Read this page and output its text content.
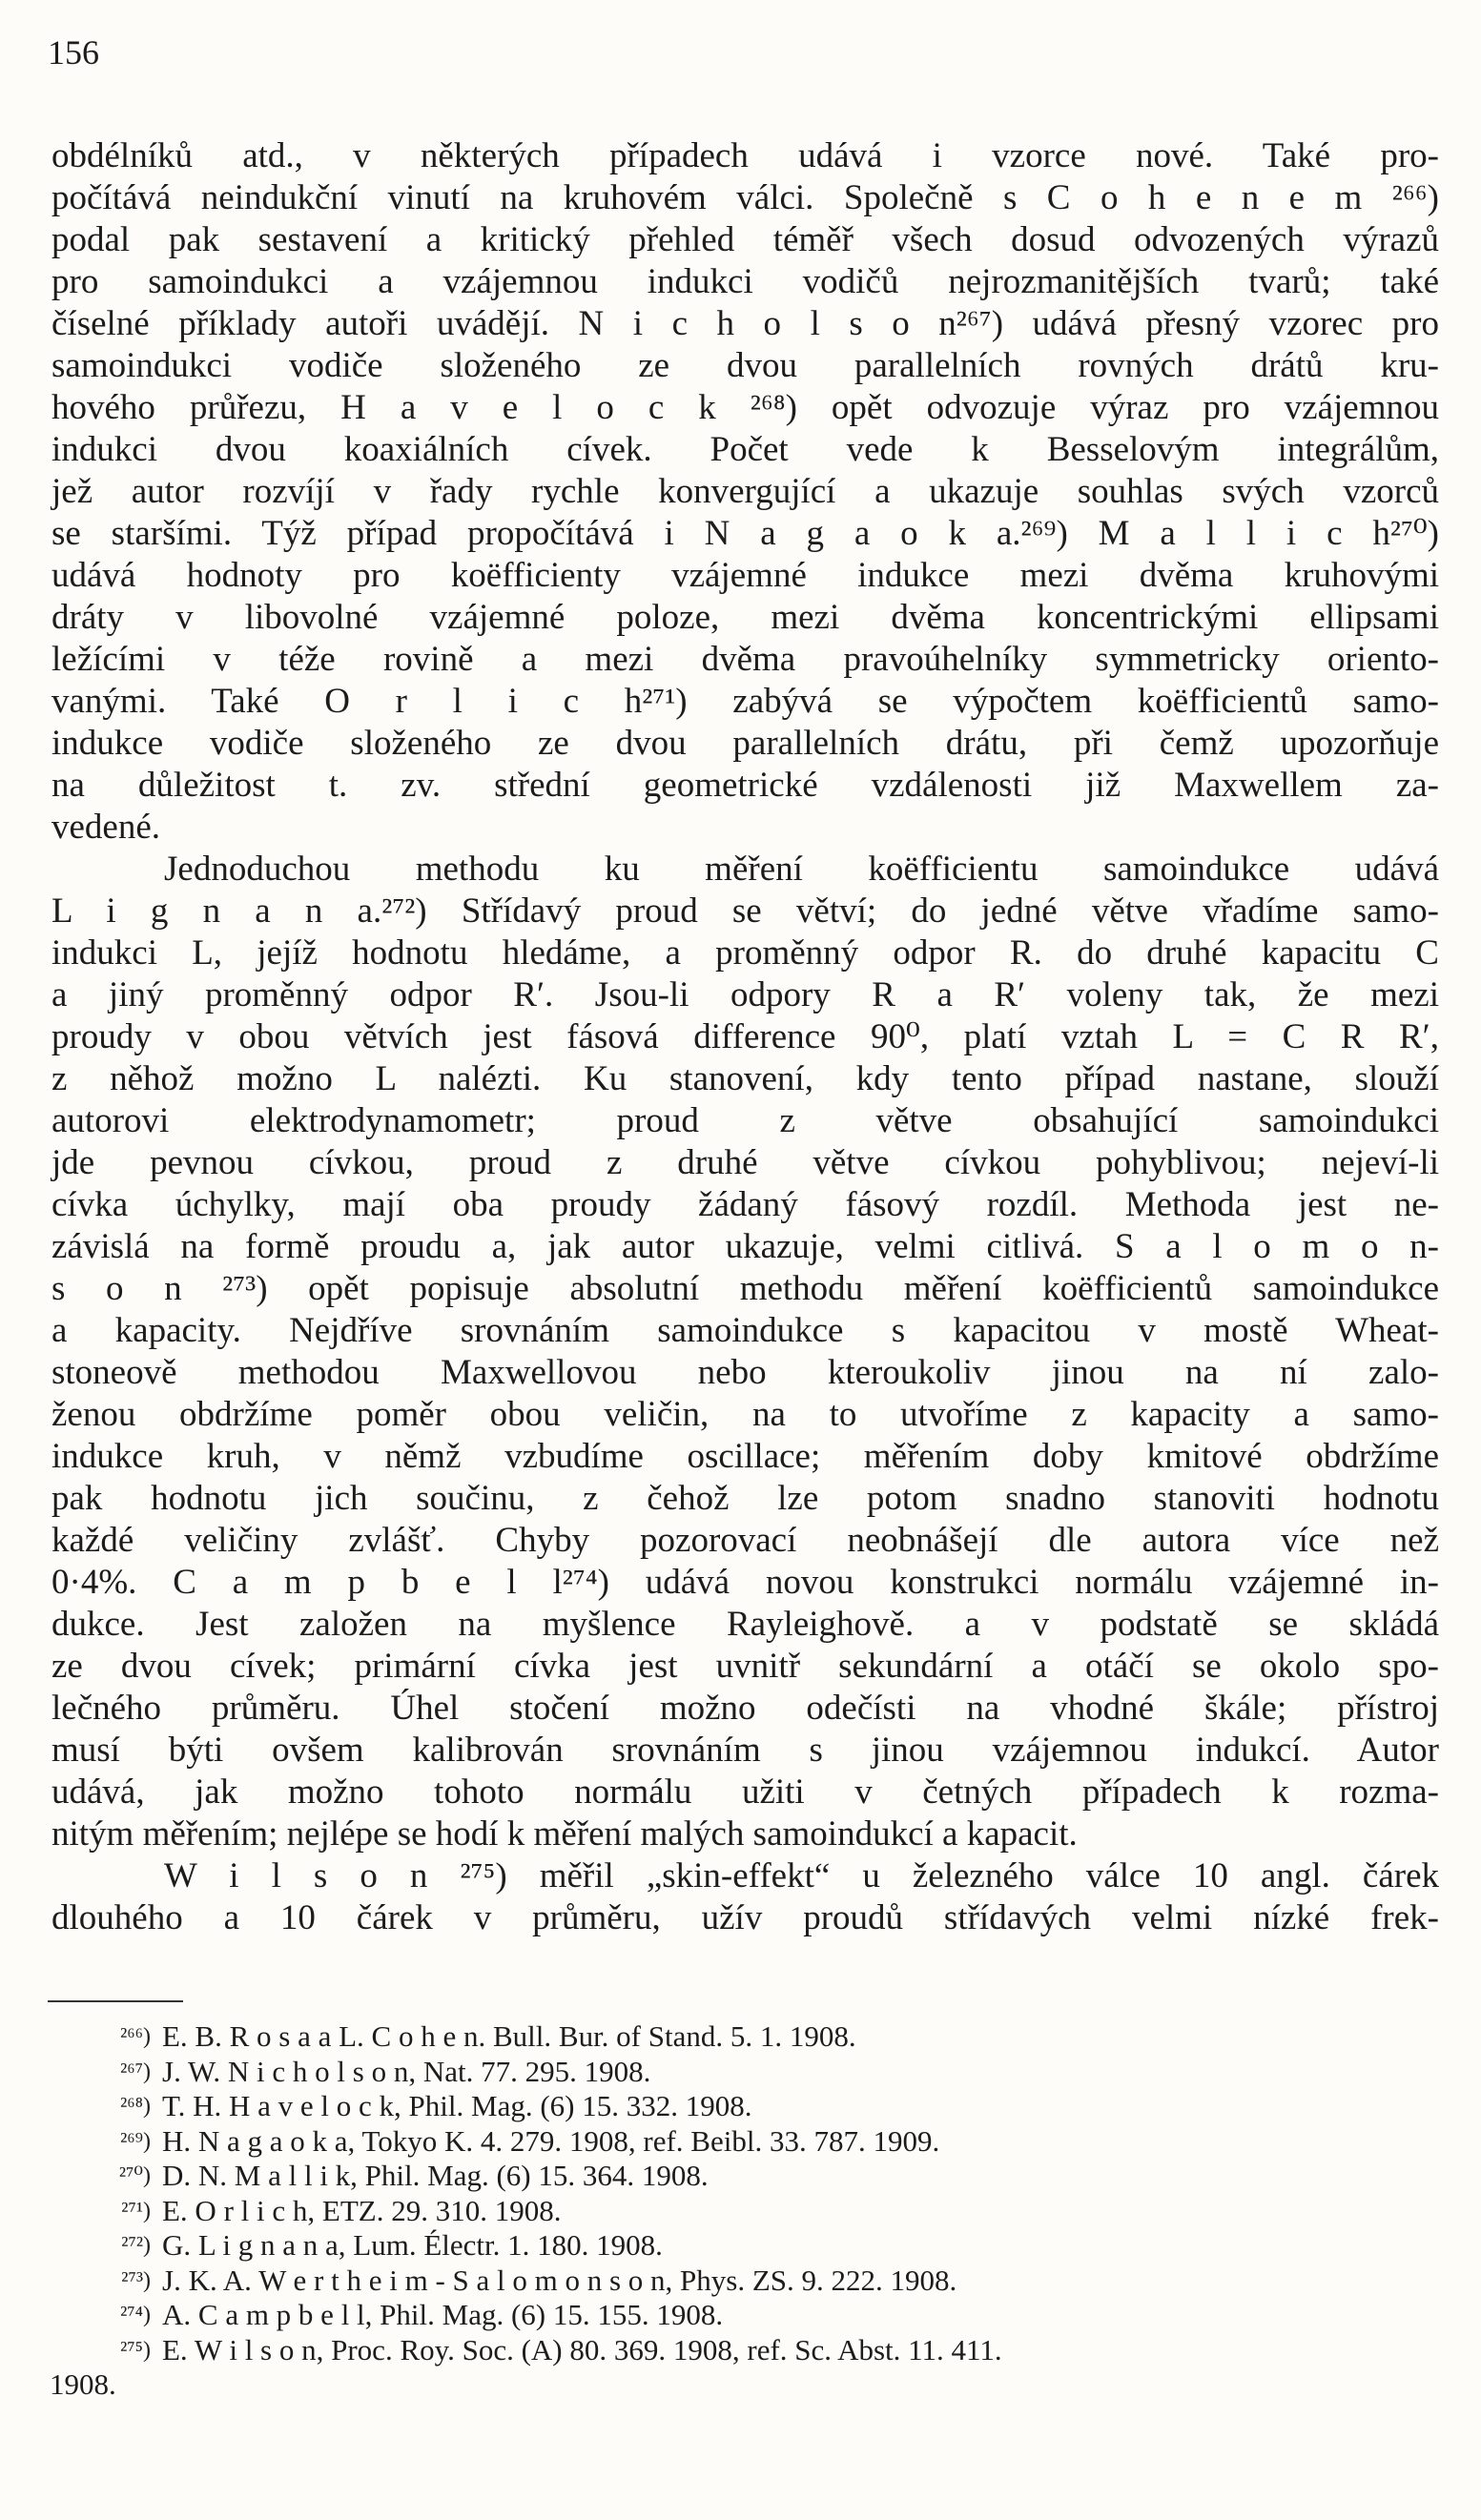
156
obdélníků atd., v některých případech udává i vzorce nové. Také pro-
počítává neindukční vinutí na kruhovém válci. Společně s C o h e n e m ²⁶⁶)
podal pak sestavení a kritický přehled téměř všech dosud odvozených výrazů
pro samoindukci a vzájemnou indukci vodičů nejrozmanitějších tvarů; také
číselné příklady autoři uvádějí. N i c h o l s o n²⁶⁷) udává přesný vzorec pro
samoindukci vodiče složeného ze dvou parallelních rovných drátů kru-
hového průřezu, H a v e l o c k ²⁶⁸) opět odvozuje výraz pro vzájemnou
indukci dvou koaxiálních cívek. Počet vede k Besselovým integrálům,
jež autor rozvíjí v řady rychle konvergující a ukazuje souhlas svých vzorců
se staršími. Týž případ propočítává i N a g a o k a.²⁶⁹) M a l l i c h²⁷⁰)
udává hodnoty pro koëfficienty vzájemné indukce mezi dvěma kruhovými
dráty v libovolné vzájemné poloze, mezi dvěma koncentrickými ellipsami
ležícími v téže rovině a mezi dvěma pravoúhelníky symmetricky oriento-
vanými. Také O r l i c h²⁷¹) zabývá se výpočtem koëfficientů samo-
indukce vodiče složeného ze dvou parallelních drátu, při čemž upozorňuje
na důležitost t. zv. střední geometrické vzdálenosti již Maxwellem za-
vedené.
Jednoduchou methodu ku měření koëfficientu samoindukce udává
L i g n a n a.²⁷²) Střídavý proud se větví; do jedné větve vřadíme samo-
indukci L, jejíž hodnotu hledáme, a proměnný odpor R. do druhé kapacitu C
a jiný proměnný odpor R′. Jsou-li odpory R a R′ voleny tak, že mezi
proudy v obou větvích jest fásová difference 90⁰, platí vztah L = C R R′,
z něhož možno L nalézti. Ku stanovení, kdy tento případ nastane, slouží
autorovi elektrodynamometr; proud z větve obsahující samoindukci
jde pevnou cívkou, proud z druhé větve cívkou pohyblivou; nejeví-li
cívka úchylky, mají oba proudy žádaný fásový rozdíl. Methoda jest ne-
závislá na formě proudu a, jak autor ukazuje, velmi citlivá. S a l o m o n-
s o n ²⁷³) opět popisuje absolutní methodu měření koëfficientů samoindukce
a kapacity. Nejdříve srovnáním samoindukce s kapacitou v mostě Wheat-
stoneově methodou Maxwellovou nebo kteroukoliv jinou na ní zalo-
ženou obdržíme poměr obou veličin, na to utvoříme z kapacity a samo-
indukce kruh, v němž vzbudíme oscillace; měřením doby kmitové obdržíme
pak hodnotu jich součinu, z čehož lze potom snadno stanoviti hodnotu
každé veličiny zvlášť. Chyby pozorovací neobnášejí dle autora více než
0·4%. C a m p b e l l²⁷⁴) udává novou konstrukci normálu vzájemné in-
dukce. Jest založen na myšlence Rayleighově. a v podstatě se skládá
ze dvou cívek; primární cívka jest uvnitř sekundární a otáčí se okolo spo-
lečného průměru. Úhel stočení možno odečísti na vhodné škále; přístroj
musí býti ovšem kalibrován srovnáním s jinou vzájemnou indukcí. Autor
udává, jak možno tohoto normálu užiti v četných případech k rozma-
nitým měřením; nejlépe se hodí k měření malých samoindukcí a kapacit.
W i l s o n ²⁷⁵) měřil „skin-effekt“ u železného válce 10 angl. čárek
dlouhého a 10 čárek v průměru, užív proudů střídavých velmi nízké frek-
²⁶⁶) E. B. R o s a a L. C o h e n. Bull. Bur. of Stand. 5. 1. 1908.
²⁶⁷) J. W. N i c h o l s o n, Nat. 77. 295. 1908.
²⁶⁸) T. H. H a v e l o c k, Phil. Mag. (6) 15. 332. 1908.
²⁶⁹) H. N a g a o k a, Tokyo K. 4. 279. 1908, ref. Beibl. 33. 787. 1909.
²⁷⁰) D. N. M a l l i k, Phil. Mag. (6) 15. 364. 1908.
²⁷¹) E. O r l i c h, ETZ. 29. 310. 1908.
²⁷²) G. L i g n a n a, Lum. Électr. 1. 180. 1908.
²⁷³) J. K. A. W e r t h e i m - S a l o m o n s o n, Phys. ZS. 9. 222. 1908.
²⁷⁴) A. C a m p b e l l, Phil. Mag. (6) 15. 155. 1908.
²⁷⁵) E. W i l s o n, Proc. Roy. Soc. (A) 80. 369. 1908, ref. Sc. Abst. 11. 411.
1908.
